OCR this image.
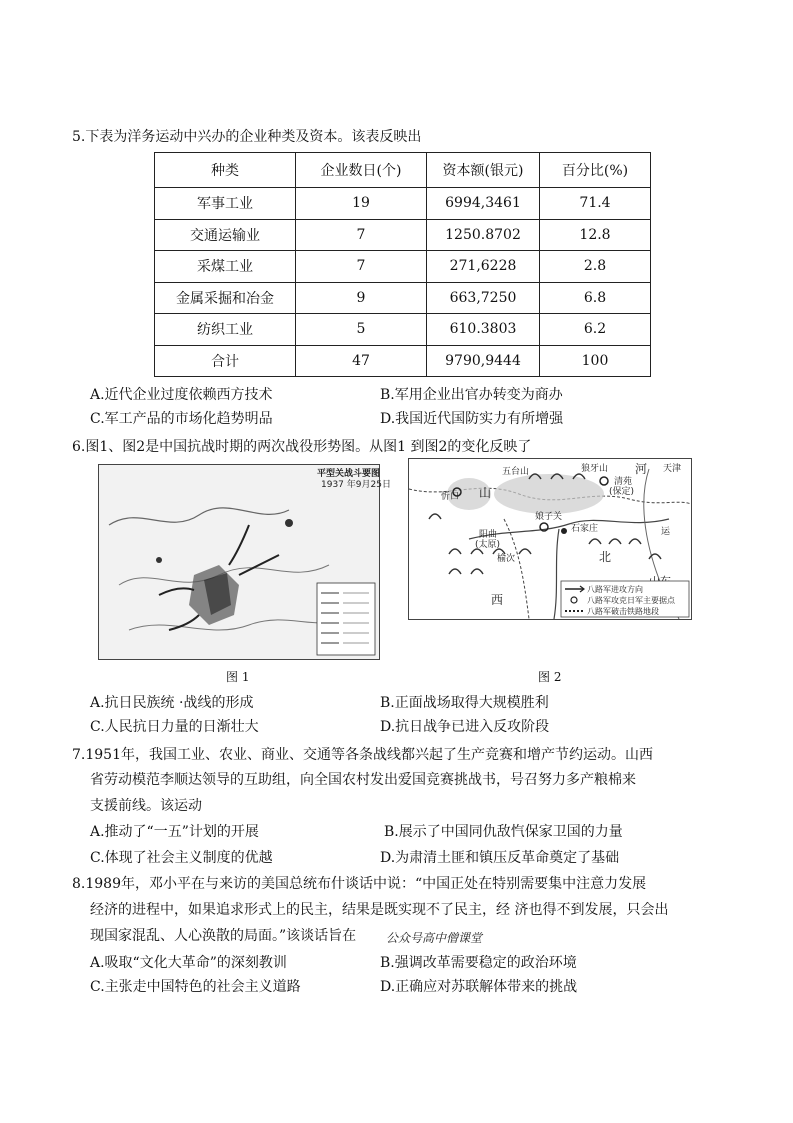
5.下表为洋务运动中兴办的企业种类及资本。该表反映出
种类	企业数日(个)	资本额(银元)	百分比(%)
军事工业	19	6994,3461	71.4
交通运输业	7	1250.8702	12.8
采煤工业	7	271,6228	2.8
金属采掘和冶金	9	663,7250	6.8
纺织工业	5	610.3803	6.2
合计	47	9790,9444	100
A.近代企业过度依赖西方技术	B.军用企业出官办转变为商办
C.军工产品的市场化趋势明品	D.我国近代国防实力有所增强
6.图1、图2是中国抗战时期的两次战役形势图。从图1 到图2的变化反映了
平型关战斗要图
1937 年9月25日
图 1
五台山	狼牙山	天津
山
河
清苑
(保定)
忻口
阳曲
(太原)
娘子关
石家庄
榆次	北
西
运
八路军进攻方向
八路军攻克日军主要据点
八路军破击铁路地段
图 2
A.抗日民族统 ·战线的形成	B.正面战场取得大规模胜利
C.人民抗日力量的日渐壮大	D.抗日战争已进入反攻阶段
7.1951年，我国工业、农业、商业、交通等各条战线都兴起了生产竞赛和增产节约运动。山西
省劳动模范李顺达领导的互助组，向全国农村发出爱国竞赛挑战书，号召努力多产粮棉来
支援前线。该运动
A.推动了“一五”计划的开展	B.展示了中国同仇敌忾保家卫国的力量
C.体现了社会主义制度的优越	D.为肃清土匪和镇压反革命奠定了基础
8.1989年，邓小平在与来访的美国总统布什谈话中说：“中国正处在特别需要集中注意力发展
经济的进程中，如果追求形式上的民主，结果是既实现不了民主，经 济也得不到发展，只会出
现国家混乱、人心涣散的局面。”该谈话旨在 公众号高中僧课堂
A.吸取“文化大革命”的深刻教训	B.强调改革需要稳定的政治环境
C.主张走中国特色的社会主义道路	D.正确应对苏联解体带来的挑战
